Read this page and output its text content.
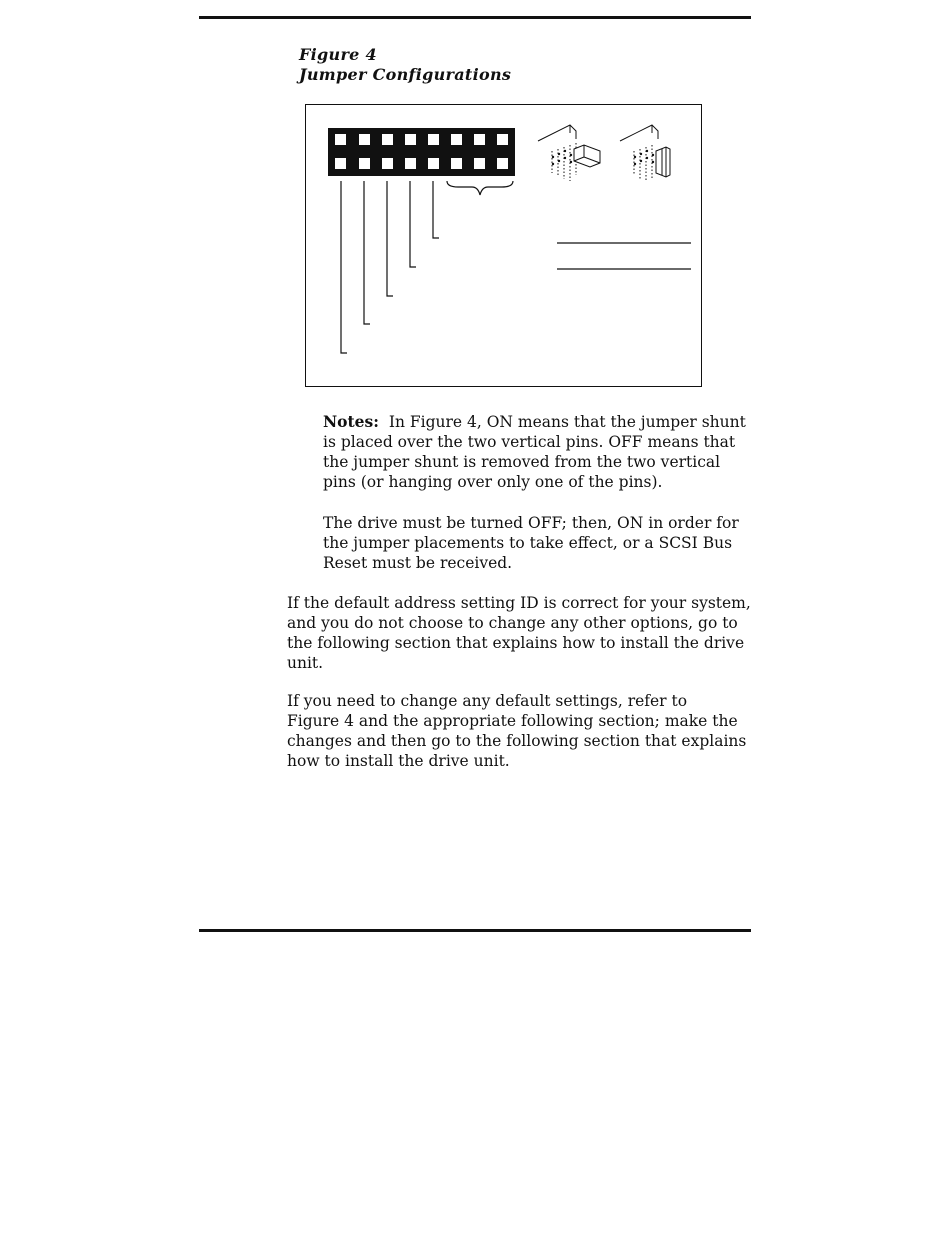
Figure 4
Jumper Configurations
Notes: In Figure 4, ON means that the jumper shunt
is placed over the two vertical pins. OFF means that
the jumper shunt is removed from the two vertical
pins (or hanging over only one of the pins).
The drive must be turned OFF; then, ON in order for
the jumper placements to take effect, or a SCSI Bus
Reset must be received.
If the default address setting ID is correct for your system,
and you do not choose to change any other options, go to
the following section that explains how to install the drive
unit.
If you need to change any default settings, refer to
Figure 4 and the appropriate following section; make the
changes and then go to the following section that explains
how to install the drive unit.
